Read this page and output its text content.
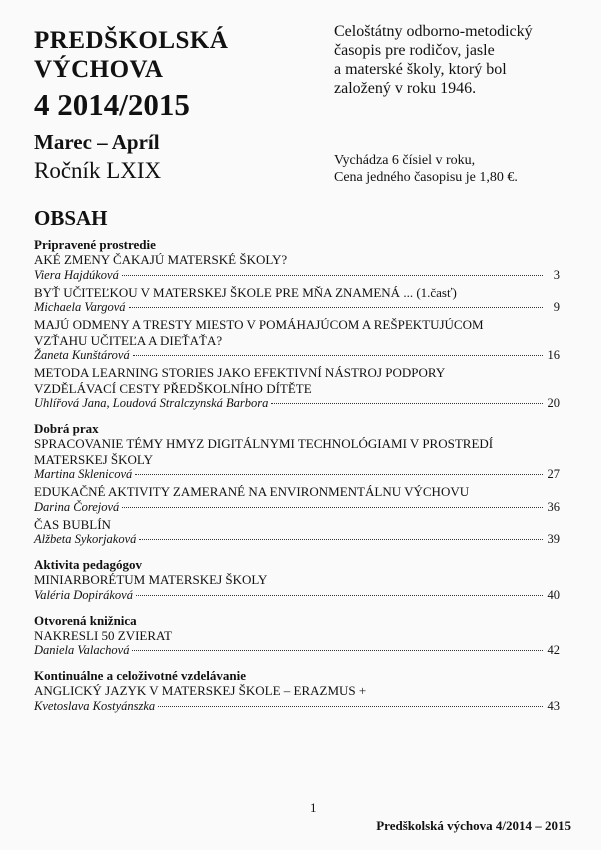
PREDŠKOLSKÁ
VÝCHOVA
4 2014/2015
Marec – Apríl
Ročník LXIX
Celoštátny odborno-metodický
časopis pre rodičov, jasle
a materské školy, ktorý bol
založený v roku 1946.
Vychádza 6 čísiel v roku,
Cena jedného časopisu je 1,80 €.
OBSAH
Pripravené prostredie
AKÉ ZMENY ČAKAJÚ MATERSKÉ ŠKOLY?
Viera Hajdúková	3
BYŤ UČITEĽKOU V MATERSKEJ ŠKOLE PRE MŇA ZNAMENÁ ... (1.časť)
Michaela Vargová	9
MAJÚ ODMENY A TRESTY MIESTO V POMÁHAJÚCOM A REŠPEKTUJÚCOM
VZŤAHU UČITEĽA A DIEŤAŤA?
Žaneta Kunštárová	16
METODA LEARNING STORIES JAKO EFEKTIVNÍ NÁSTROJ PODPORY
VZDĚLÁVACÍ CESTY PŘEDŠKOLNÍHO DÍTĚTE
Uhlířová Jana, Loudová Stralczynská Barbora	20
Dobrá prax
SPRACOVANIE TÉMY HMYZ DIGITÁLNYMI TECHNOLÓGIAMI V PROSTREDÍ
MATERSKEJ ŠKOLY
Martina Sklenicová	27
EDUKAČNÉ AKTIVITY ZAMERANÉ NA ENVIRONMENTÁLNU VÝCHOVU
Darina Čorejová	36
ČAS BUBLÍN
Alžbeta Sykorjaková	39
Aktivita pedagógov
MINIARBORÉTUM MATERSKEJ ŠKOLY
Valéria Dopiráková	40
Otvorená knižnica
NAKRESLI 50 ZVIERAT
Daniela Valachová	42
Kontinuálne a celoživotné vzdelávanie
ANGLICKÝ JAZYK V MATERSKEJ ŠKOLE – ERAZMUS +
Kvetoslava Kostyánszka	43
1
Predškolská výchova 4/2014 – 2015
